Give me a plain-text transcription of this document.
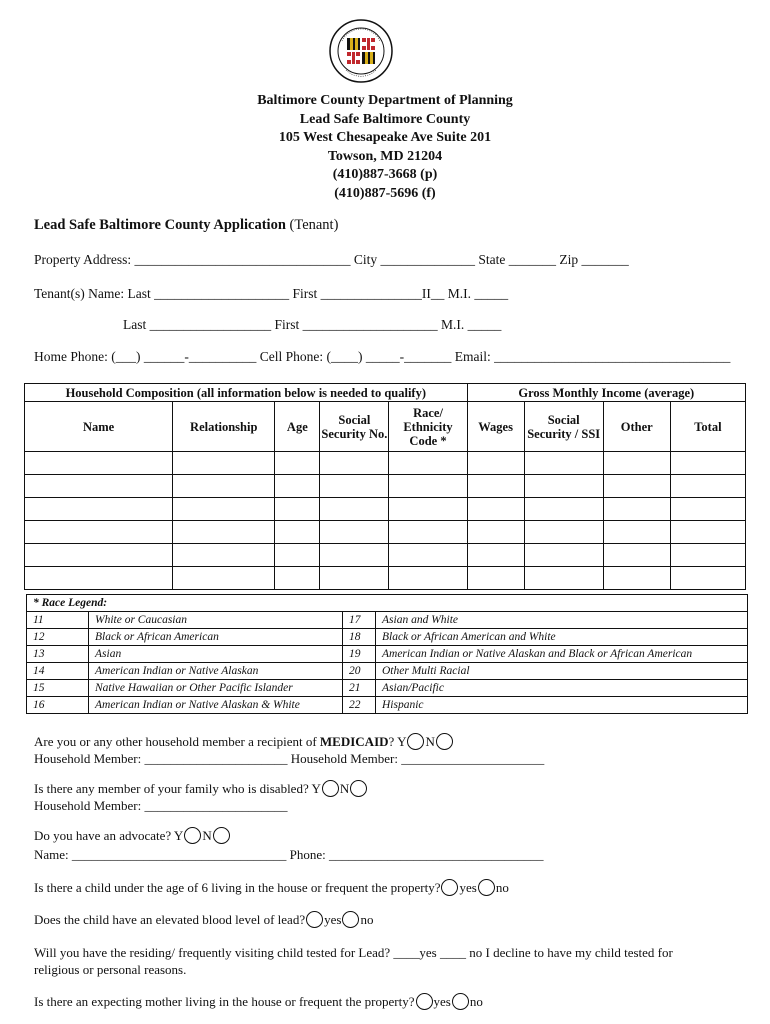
Baltimore County Department of Planning
Lead Safe Baltimore County
105 West Chesapeake Ave Suite 201
Towson, MD 21204
(410)887-3668 (p)
(410)887-5696 (f)
Lead Safe Baltimore County Application (Tenant)
Property Address: ________________________________ City ______________ State _______ Zip _______
Tenant(s) Name: Last ____________________ First _______________II__ M.I. _____
Last __________________ First ____________________ M.I. _____
Home Phone: (___) ______-__________ Cell Phone: (____) _____-_______ Email: ___________________________________
Household Composition (all information below is needed to qualify)					Gross Monthly Income (average)			
Name	Relationship	Age	Social Security No.	Race/ Ethnicity Code *	Wages	Social Security / SSI	Other	Total

* Race Legend:			
11	White or Caucasian	17	Asian and White
12	Black or African American	18	Black or African American and White
13	Asian	19	American Indian or Native Alaskan and Black or African American
14	American Indian or Native Alaskan	20	Other Multi Racial
15	Native Hawaiian or Other Pacific Islander	21	Asian/Pacific
16	American Indian or Native Alaskan & White	22	Hispanic
Are you or any other household member a recipient of MEDICAID? Y N
Household Member: ______________________ Household Member: ______________________
Is there any member of your family who is disabled? Y N
Household Member: ______________________
Do you have an advocate? Y N
Name: _________________________________ Phone: _________________________________
Is there a child under the age of 6 living in the house or frequent the property? yes no
Does the child have an elevated blood level of lead? yes no
Will you have the residing/ frequently visiting child tested for Lead? ____yes ____ no I decline to have my child tested for
religious or personal reasons.
Is there an expecting mother living in the house or frequent the property? yes no
